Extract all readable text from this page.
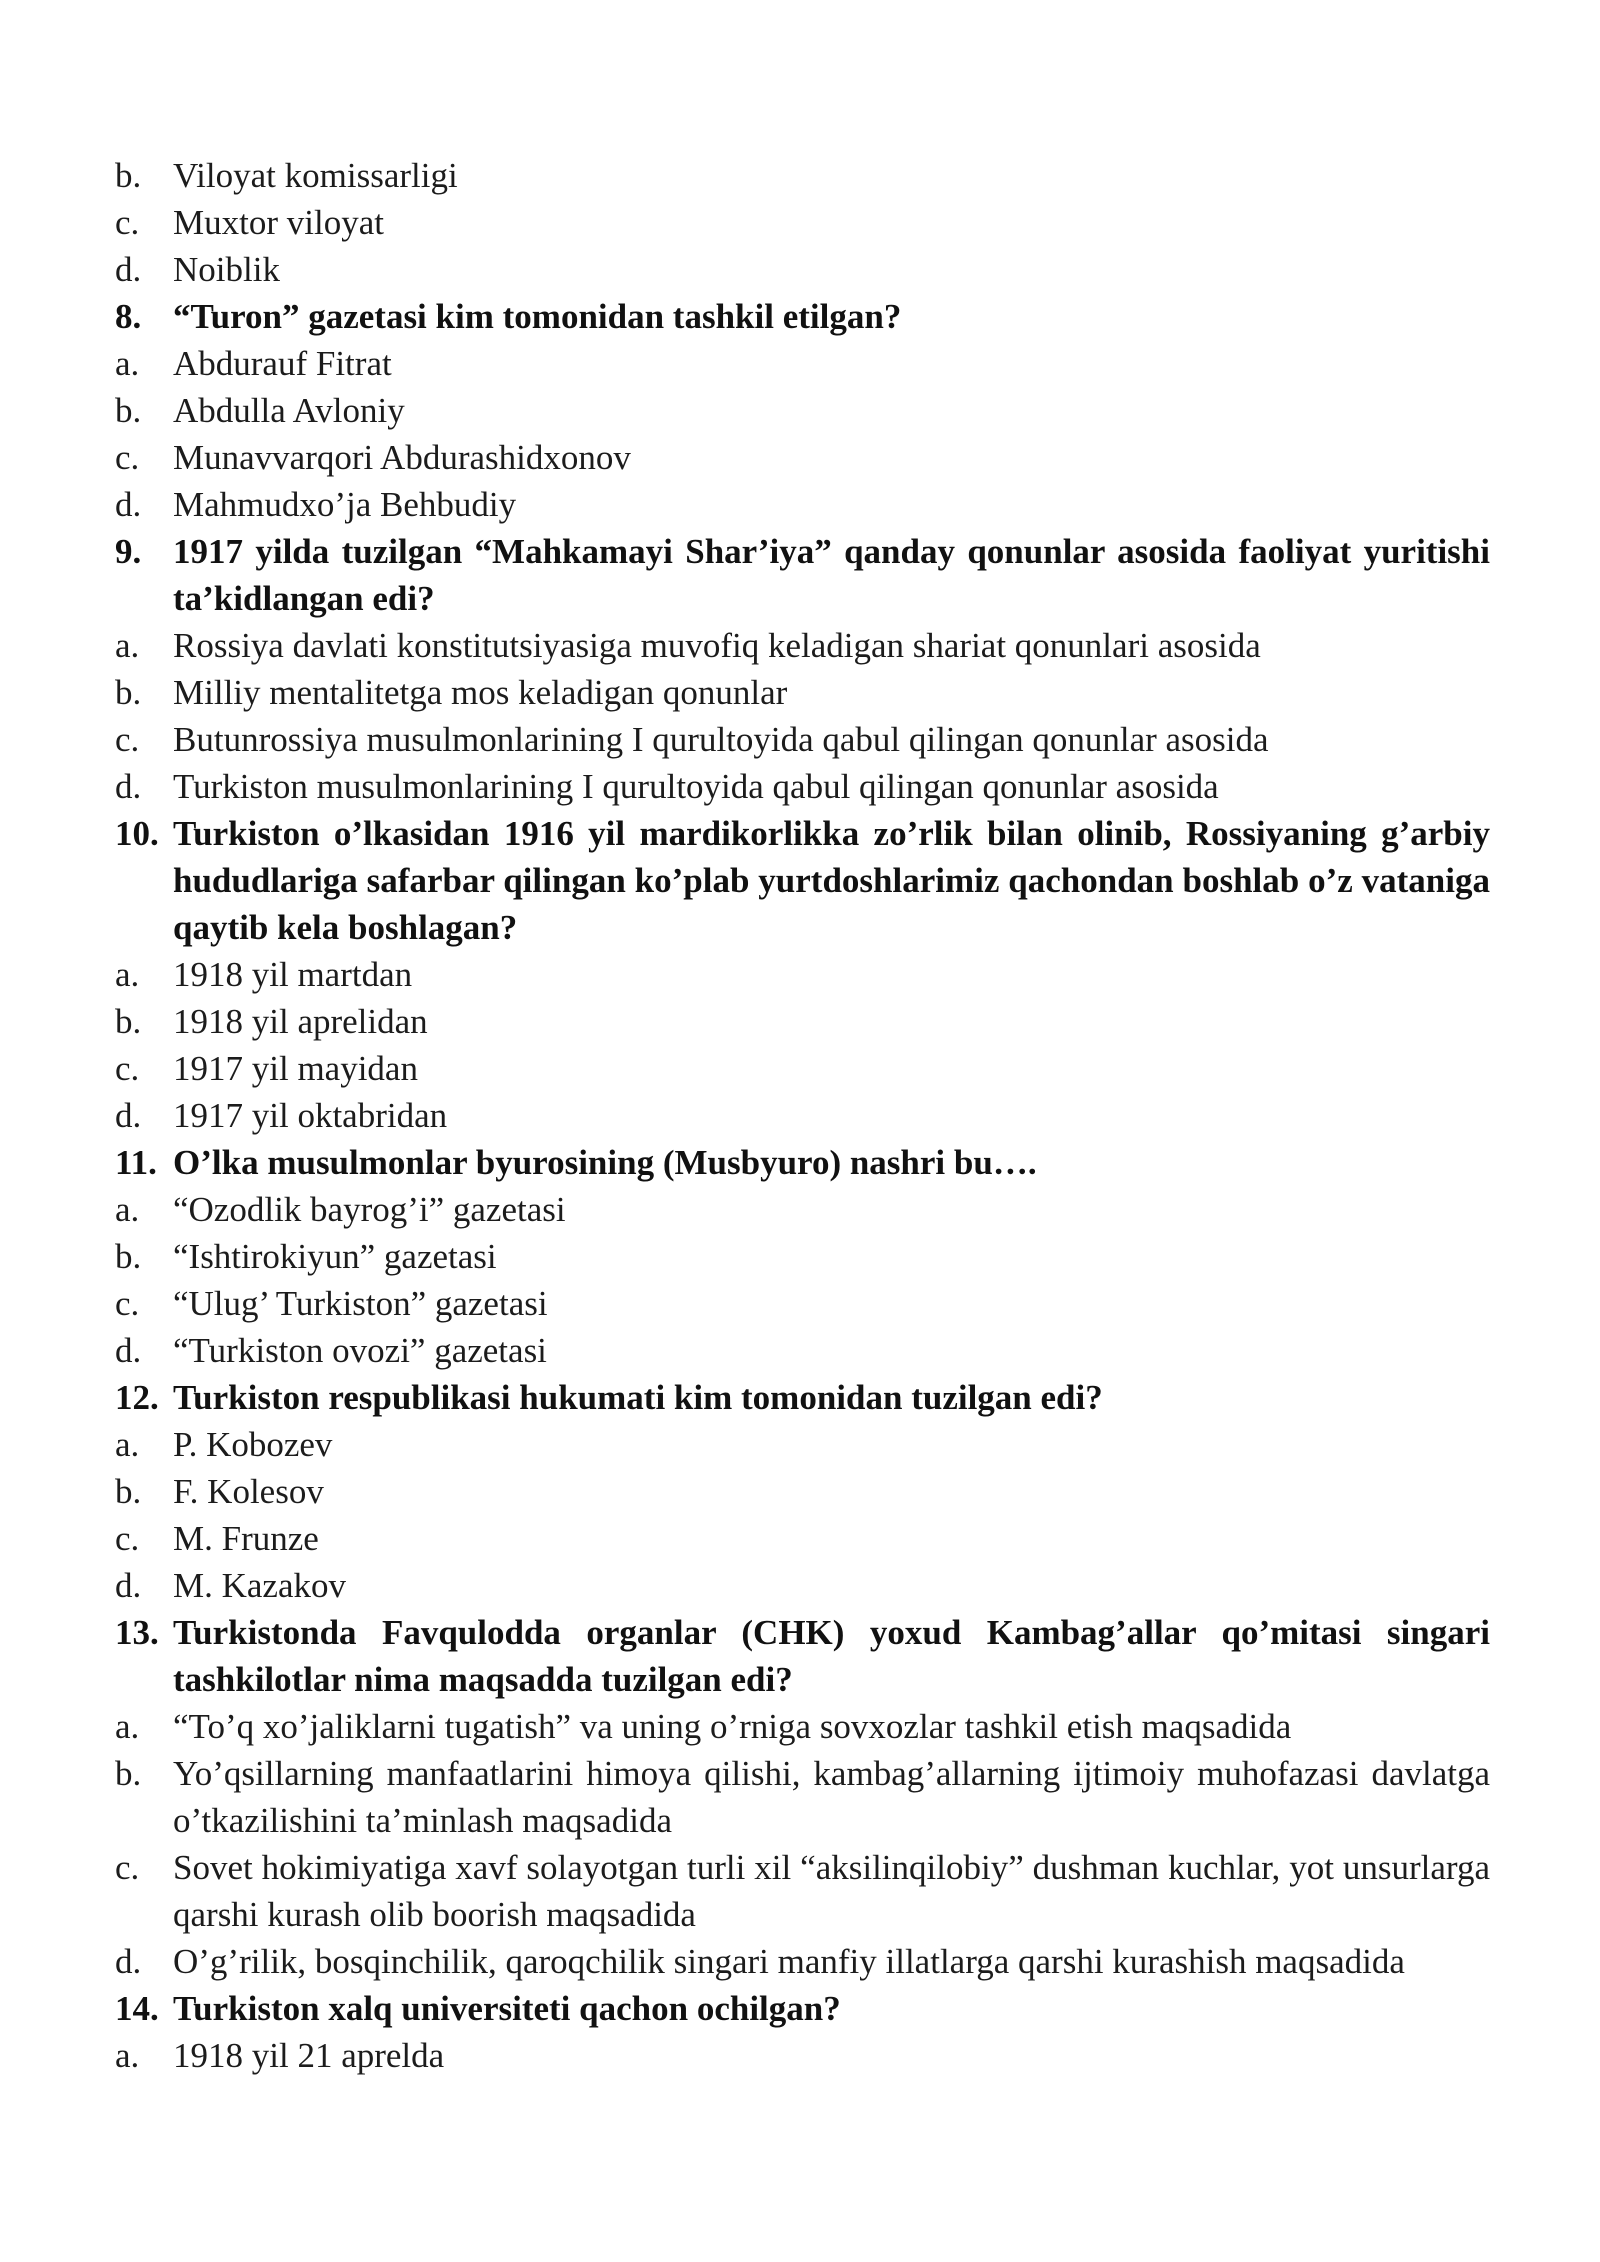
b. Viloyat komissarligi
c. Muxtor viloyat
d. Noiblik
8. “Turon” gazetasi kim tomonidan tashkil etilgan?
a. Abdurauf Fitrat
b. Abdulla Avloniy
c. Munavvarqori Abdurashidxonov
d. Mahmudxo’ja Behbudiy
9. 1917 yilda tuzilgan “Mahkamayi Shar’iya” qanday qonunlar asosida faoliyat yuritishi ta’kidlangan edi?
a. Rossiya davlati konstitutsiyasiga muvofiq keladigan shariat qonunlari asosida
b. Milliy mentalitetga mos keladigan qonunlar
c. Butunrossiya musulmonlarining I qurultoyida qabul qilingan qonunlar asosida
d. Turkiston musulmonlarining I qurultoyida qabul qilingan qonunlar asosida
10. Turkiston o’lkasidan 1916 yil mardikorlikka zo’rlik bilan olinib, Rossiyaning g’arbiy hududlariga safarbar qilingan ko’plab yurtdoshlarimiz qachondan boshlab o’z vataniga qaytib kela boshlagan?
a. 1918 yil martdan
b. 1918 yil aprelidan
c. 1917 yil mayidan
d. 1917 yil oktabridan
11. O’lka musulmonlar byurosining (Musbyuro) nashri bu….
a. “Ozodlik bayrog’i” gazetasi
b. “Ishtirokiyun” gazetasi
c. “Ulug’ Turkiston” gazetasi
d. “Turkiston ovozi” gazetasi
12. Turkiston respublikasi hukumati kim tomonidan tuzilgan edi?
a. P. Kobozev
b. F. Kolesov
c. M. Frunze
d. M. Kazakov
13. Turkistonda Favqulodda organlar (CHK) yoxud Kambag’allar qo’mitasi singari tashkilotlar nima maqsadda tuzilgan edi?
a. “To’q xo’jaliklarni tugatish” va uning o’rniga sovxozlar tashkil etish maqsadida
b. Yo’qsillarning manfaatlarini himoya qilishi, kambag’allarning ijtimoiy muhofazasi davlatga o’tkazilishini ta’minlash maqsadida
c. Sovet hokimiyatiga xavf solayotgan turli xil “aksilinqilobiy” dushman kuchlar, yot unsurlarga qarshi kurash olib boorish maqsadida
d. O’g’rilik, bosqinchilik, qaroqchilik singari manfiy illatlarga qarshi kurashish maqsadida
14. Turkiston xalq universiteti qachon ochilgan?
a. 1918 yil 21 aprelda
